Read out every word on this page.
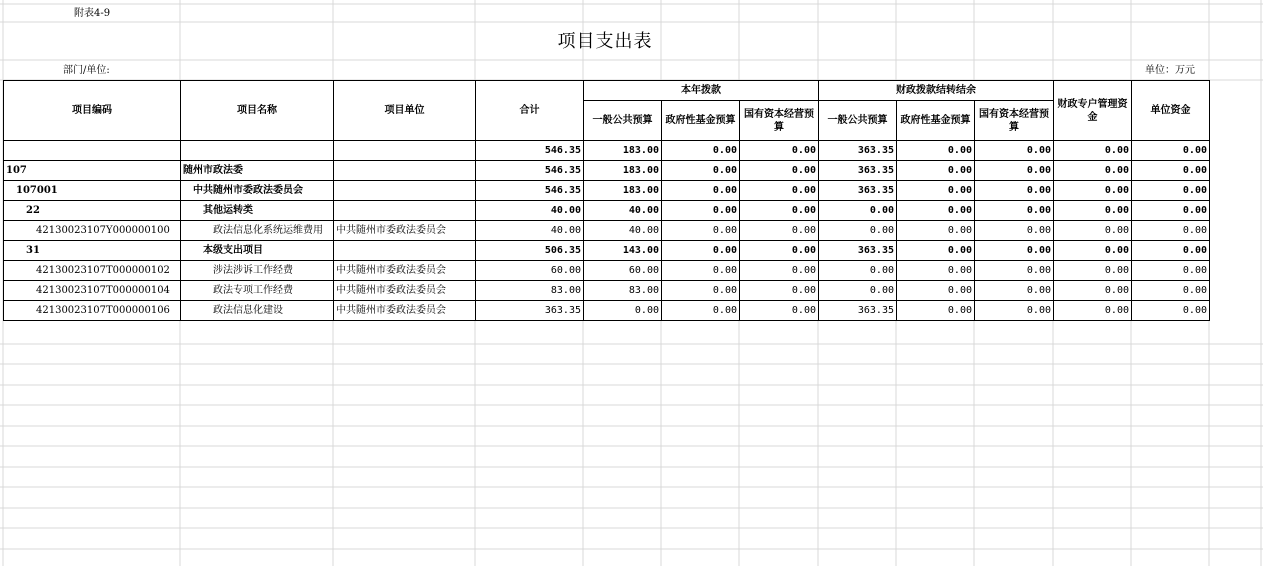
附表4-9
项目支出表
部门/单位:	单位：万元
项目编码	项目名称	项目单位	合计	本年拨款			财政拨款结转结余			财政专户管理资金	单位资金
				一般公共预算	政府性基金预算	国有资本经营预算	一般公共预算	政府性基金预算	国有资本经营预算		
			546.35	183.00	0.00	0.00	363.35	0.00	0.00	0.00	0.00
107	随州市政法委		546.35	183.00	0.00	0.00	363.35	0.00	0.00	0.00	0.00
107001	中共随州市委政法委员会		546.35	183.00	0.00	0.00	363.35	0.00	0.00	0.00	0.00
22	其他运转类		40.00	40.00	0.00	0.00	0.00	0.00	0.00	0.00	0.00
42130023107Y000000100	政法信息化系统运维费用	中共随州市委政法委员会	40.00	40.00	0.00	0.00	0.00	0.00	0.00	0.00	0.00
31	本级支出项目		506.35	143.00	0.00	0.00	363.35	0.00	0.00	0.00	0.00
42130023107T000000102	涉法涉诉工作经费	中共随州市委政法委员会	60.00	60.00	0.00	0.00	0.00	0.00	0.00	0.00	0.00
42130023107T000000104	政法专项工作经费	中共随州市委政法委员会	83.00	83.00	0.00	0.00	0.00	0.00	0.00	0.00	0.00
42130023107T000000106	政法信息化建设	中共随州市委政法委员会	363.35	0.00	0.00	0.00	363.35	0.00	0.00	0.00	0.00
